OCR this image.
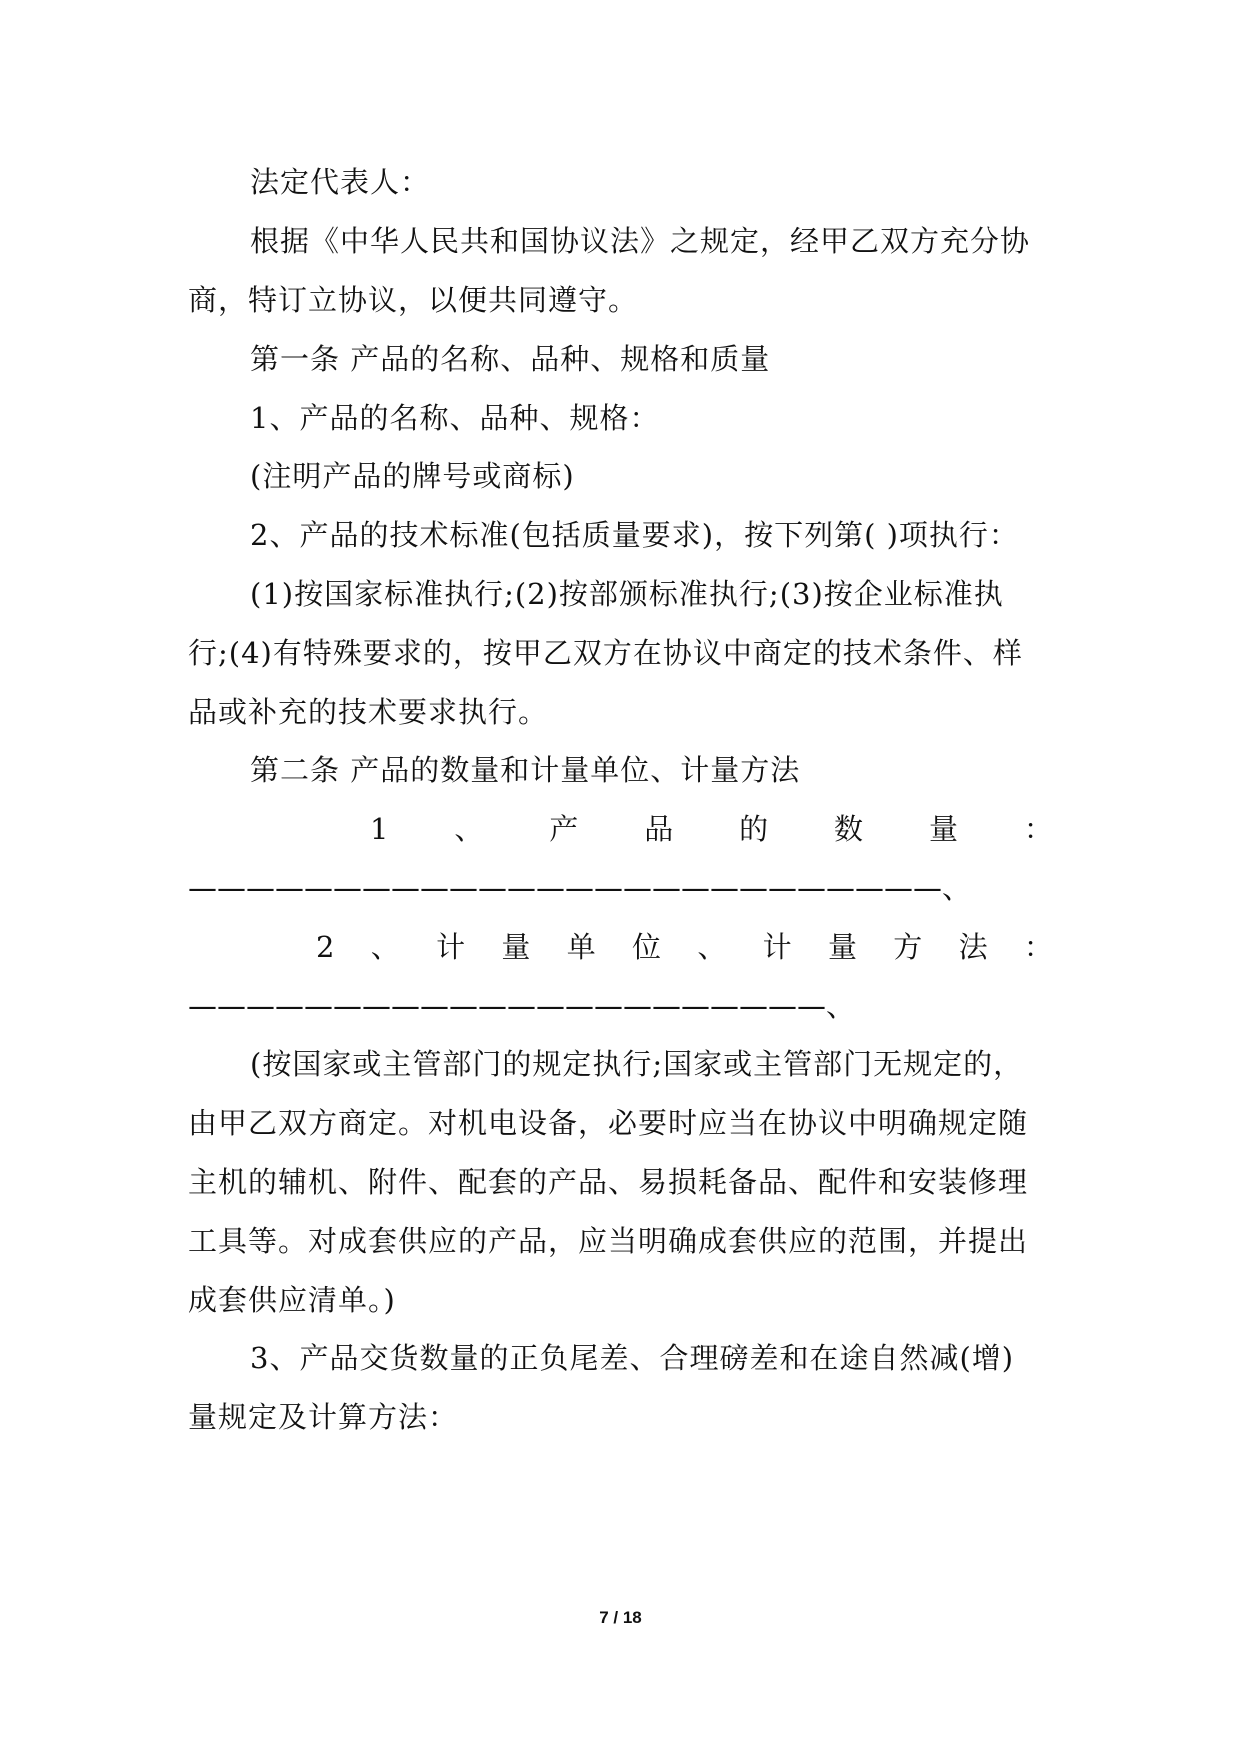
法定代表人：
根据《中华人民共和国协议法》之规定，经甲乙双方充分协
商，特订立协议，以便共同遵守。
第一条 产品的名称、品种、规格和质量
1、产品的名称、品种、规格：
(注明产品的牌号或商标)
2、产品的技术标准(包括质量要求)，按下列第( )项执行：
(1)按国家标准执行;(2)按部颁标准执行;(3)按企业标准执
行;(4)有特殊要求的，按甲乙双方在协议中商定的技术条件、样
品或补充的技术要求执行。
第二条 产品的数量和计量单位、计量方法
1 、 产 品 的 数 量 ：
——————————————————————————、
2 、 计 量 单 位 、 计 量 方 法 ：
——————————————————————、
(按国家或主管部门的规定执行;国家或主管部门无规定的，
由甲乙双方商定。对机电设备，必要时应当在协议中明确规定随
主机的辅机、附件、配套的产品、易损耗备品、配件和安装修理
工具等。对成套供应的产品，应当明确成套供应的范围，并提出
成套供应清单。)
3、产品交货数量的正负尾差、合理磅差和在途自然减(增)
量规定及计算方法：
7 / 18
